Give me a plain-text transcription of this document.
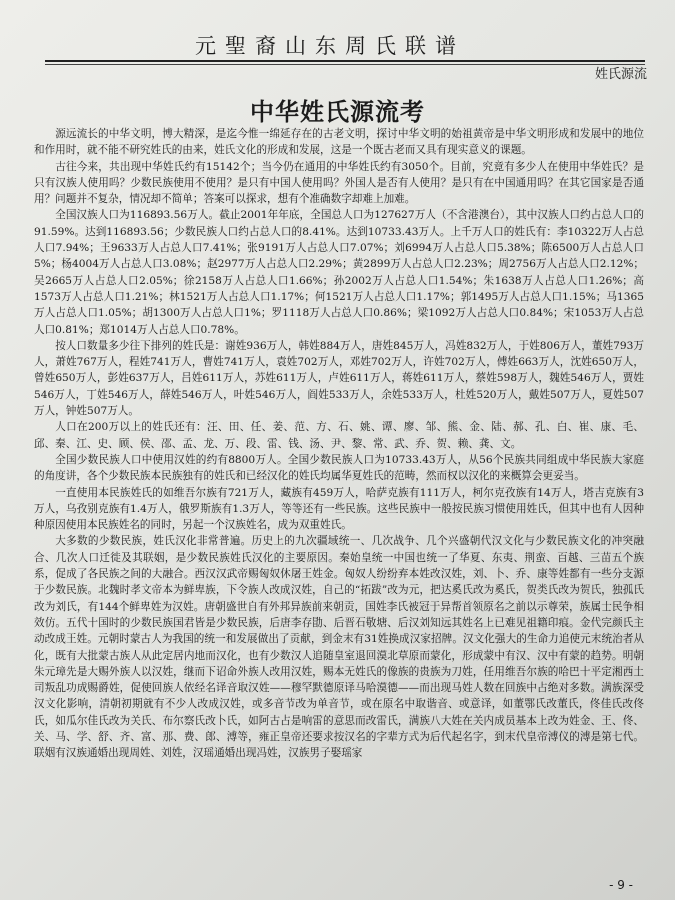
元聖裔山东周氏联谱
姓氏源流
中华姓氏源流考

源远流长的中华文明，博大精深，是迄今惟一绵延存在的古老文明，探讨中华文明的始祖黄帝是中华文明形成和发展中的地位和作用时，就不能不研究姓氏的由来，姓氏文化的形成和发展，这是一个既古老而又具有现实意义的课题。

古往今来，共出现中华姓氏约有15142个；当今仍在通用的中华姓氏约有3050个。目前，究竟有多少人在使用中华姓氏？是只有汉族人使用吗？少数民族使用不使用？是只有中国人使用吗？外国人是否有人使用？是只有在中国通用吗？在其它国家是否通用？问题并不复杂，情况却不简单；答案可以探求，想有个准确数字却难上加难。

全国汉族人口为116893.56万人。截止2001年年底，全国总人口为127627万人（不含港澳台），其中汉族人口约占总人口的91.59%。达到116893.56；少数民族人口约占总人口的8.41%。达到10733.43万人。上千万人口的姓氏有：李10322万人占总人口7.94%；王9633万人占总人口7.41%；张9191万人占总人口7.07%；刘6994万人占总人口5.38%；陈6500万人占总人口5%；杨4004万人占总人口3.08%；赵2977万人占总人口2.29%；黄2899万人占总人口2.23%；周2756万人占总人口2.12%；吴2665万人占总人口2.05%；徐2158万人占总人口1.66%；孙2002万人占总人口1.54%；朱1638万人占总人口1.26%；高1573万人占总人口1.21%；林1521万人占总人口1.17%；何1521万人占总人口1.17%；郭1495万人占总人口1.15%；马1365万人占总人口1.05%；胡1300万人占总人口1%；罗1118万人占总人口0.86%；梁1092万人占总人口0.84%；宋1053万人占总人口0.81%；郑1014万人占总人口0.78%。

按人口数量多少往下排列的姓氏是：谢姓936万人，韩姓884万人，唐姓845万人，冯姓832万人，于姓806万人，董姓793万人，萧姓767万人，程姓741万人，曹姓741万人，袁姓702万人，邓姓702万人，许姓702万人，傅姓663万人，沈姓650万人，曾姓650万人，彭姓637万人，吕姓611万人，苏姓611万人，卢姓611万人，蒋姓611万人，蔡姓598万人，魏姓546万人，贾姓546万人，丁姓546万人，薛姓546万人，叶姓546万人，阎姓533万人，余姓533万人，杜姓520万人，戴姓507万人，夏姓507万人，钟姓507万人。

人口在200万以上的姓氏还有：汪、田、任、姜、范、方、石、姚、谭、廖、邹、熊、金、陆、郝、孔、白、崔、康、毛、邱、秦、江、史、顾、侯、邵、孟、龙、万、段、雷、钱、汤、尹、黎、常、武、乔、贺、赖、龚、文。

全国少数民族人口中使用汉姓的约有8800万人。全国少数民族人口为10733.43万人，从56个民族共同组成中华民族大家庭的角度讲，各个少数民族本民族独有的姓氏和已经汉化的姓氏均属华夏姓氏的范畴，然而权以汉化的来概算会更妥当。

一直使用本民族姓氏的如维吾尔族有721万人，藏族有459万人，哈萨克族有111万人，柯尔克孜族有14万人，塔吉克族有3万人，乌孜别克族有1.4万人，俄罗斯族有1.3万人，等等还有一些民族。这些民族中一般按民族习惯使用姓氏，但其中也有人因种种原因使用本民族姓名的同时，另起一个汉族姓名，成为双重姓氏。

大多数的少数民族，姓氏汉化非常普遍。历史上的九次疆域统一、几次战争、几个兴盛朝代汉文化与少数民族文化的冲突融合、几次人口迁徙及其联姻，是少数民族姓氏汉化的主要原因。秦始皇统一中国也统一了华夏、东夷、荆蛮、百越、三苗五个族系，促成了各民族之间的大融合。西汉汉武帝赐匈奴休屠王姓金。匈奴人纷纷弃本姓改汉姓，刘、卜、乔、康等姓都有一些分支源于少数民族。北魏时孝文帝本为鲜卑族，下令族人改成汉姓，自己的“拓跋”改为元，把达奚氏改为奚氏，贺类氏改为贺氏，独孤氏改为刘氏，有144个鲜卑姓为汉姓。唐朝盛世自有外邦异族前来朝贡，国姓李氏被冠于异帮首领原名之前以示尊荣，族属士民争相效仿。五代十国时的少数民族国君皆是少数民族，后唐李存勖、后晋石敬塘、后汉刘知远其姓名上已难见祖籍印痕。金代完颜氏主动改成王姓。元朝时蒙古人为我国的统一和发展做出了贡献，到金末有31姓换成汉家招牌。汉文化强大的生命力追使元末统治者从化，既有大批蒙古族人从此定居内地而汉化，也有少数汉人追随皇室退回漠北草原而蒙化，形成蒙中有汉、汉中有蒙的趋势。明朝朱元璋先是大赐外族人以汉姓，继而下诏命外族人改用汉姓，赐本无姓氏的像族的贵族为刀姓，任用维吾尔族的哈巴十平定湘西土司叛乱功成赐爵姓，促使回族人依经名译音取汉姓——穆罕默德原译马哈漠德——而出现马姓人数在回族中占绝对多数。满族深受汉文化影响，清朝初期就有不少人改成汉姓，或多音节改为单音节，或在原名中取谐音、或意译，如董鄂氏改董氏，佟佳氏改佟氏，如瓜尔佳氏改为关氏、布尔察氏改卜氏，如阿古占是响雷的意思而改雷氏，满族八大姓在关内成员基本上改为姓金、王、佟、关、马、学、舒、齐、富、那、费、郎、溥等，雍正皇帝还要求按汉名的字辈方式为后代起名字，到末代皇帝溥仪的溥是第七代。联姻有汉族通婚出现周姓、刘姓，汉瑶通婚出现冯姓，汉族男子娶瑶家

- 9 -
